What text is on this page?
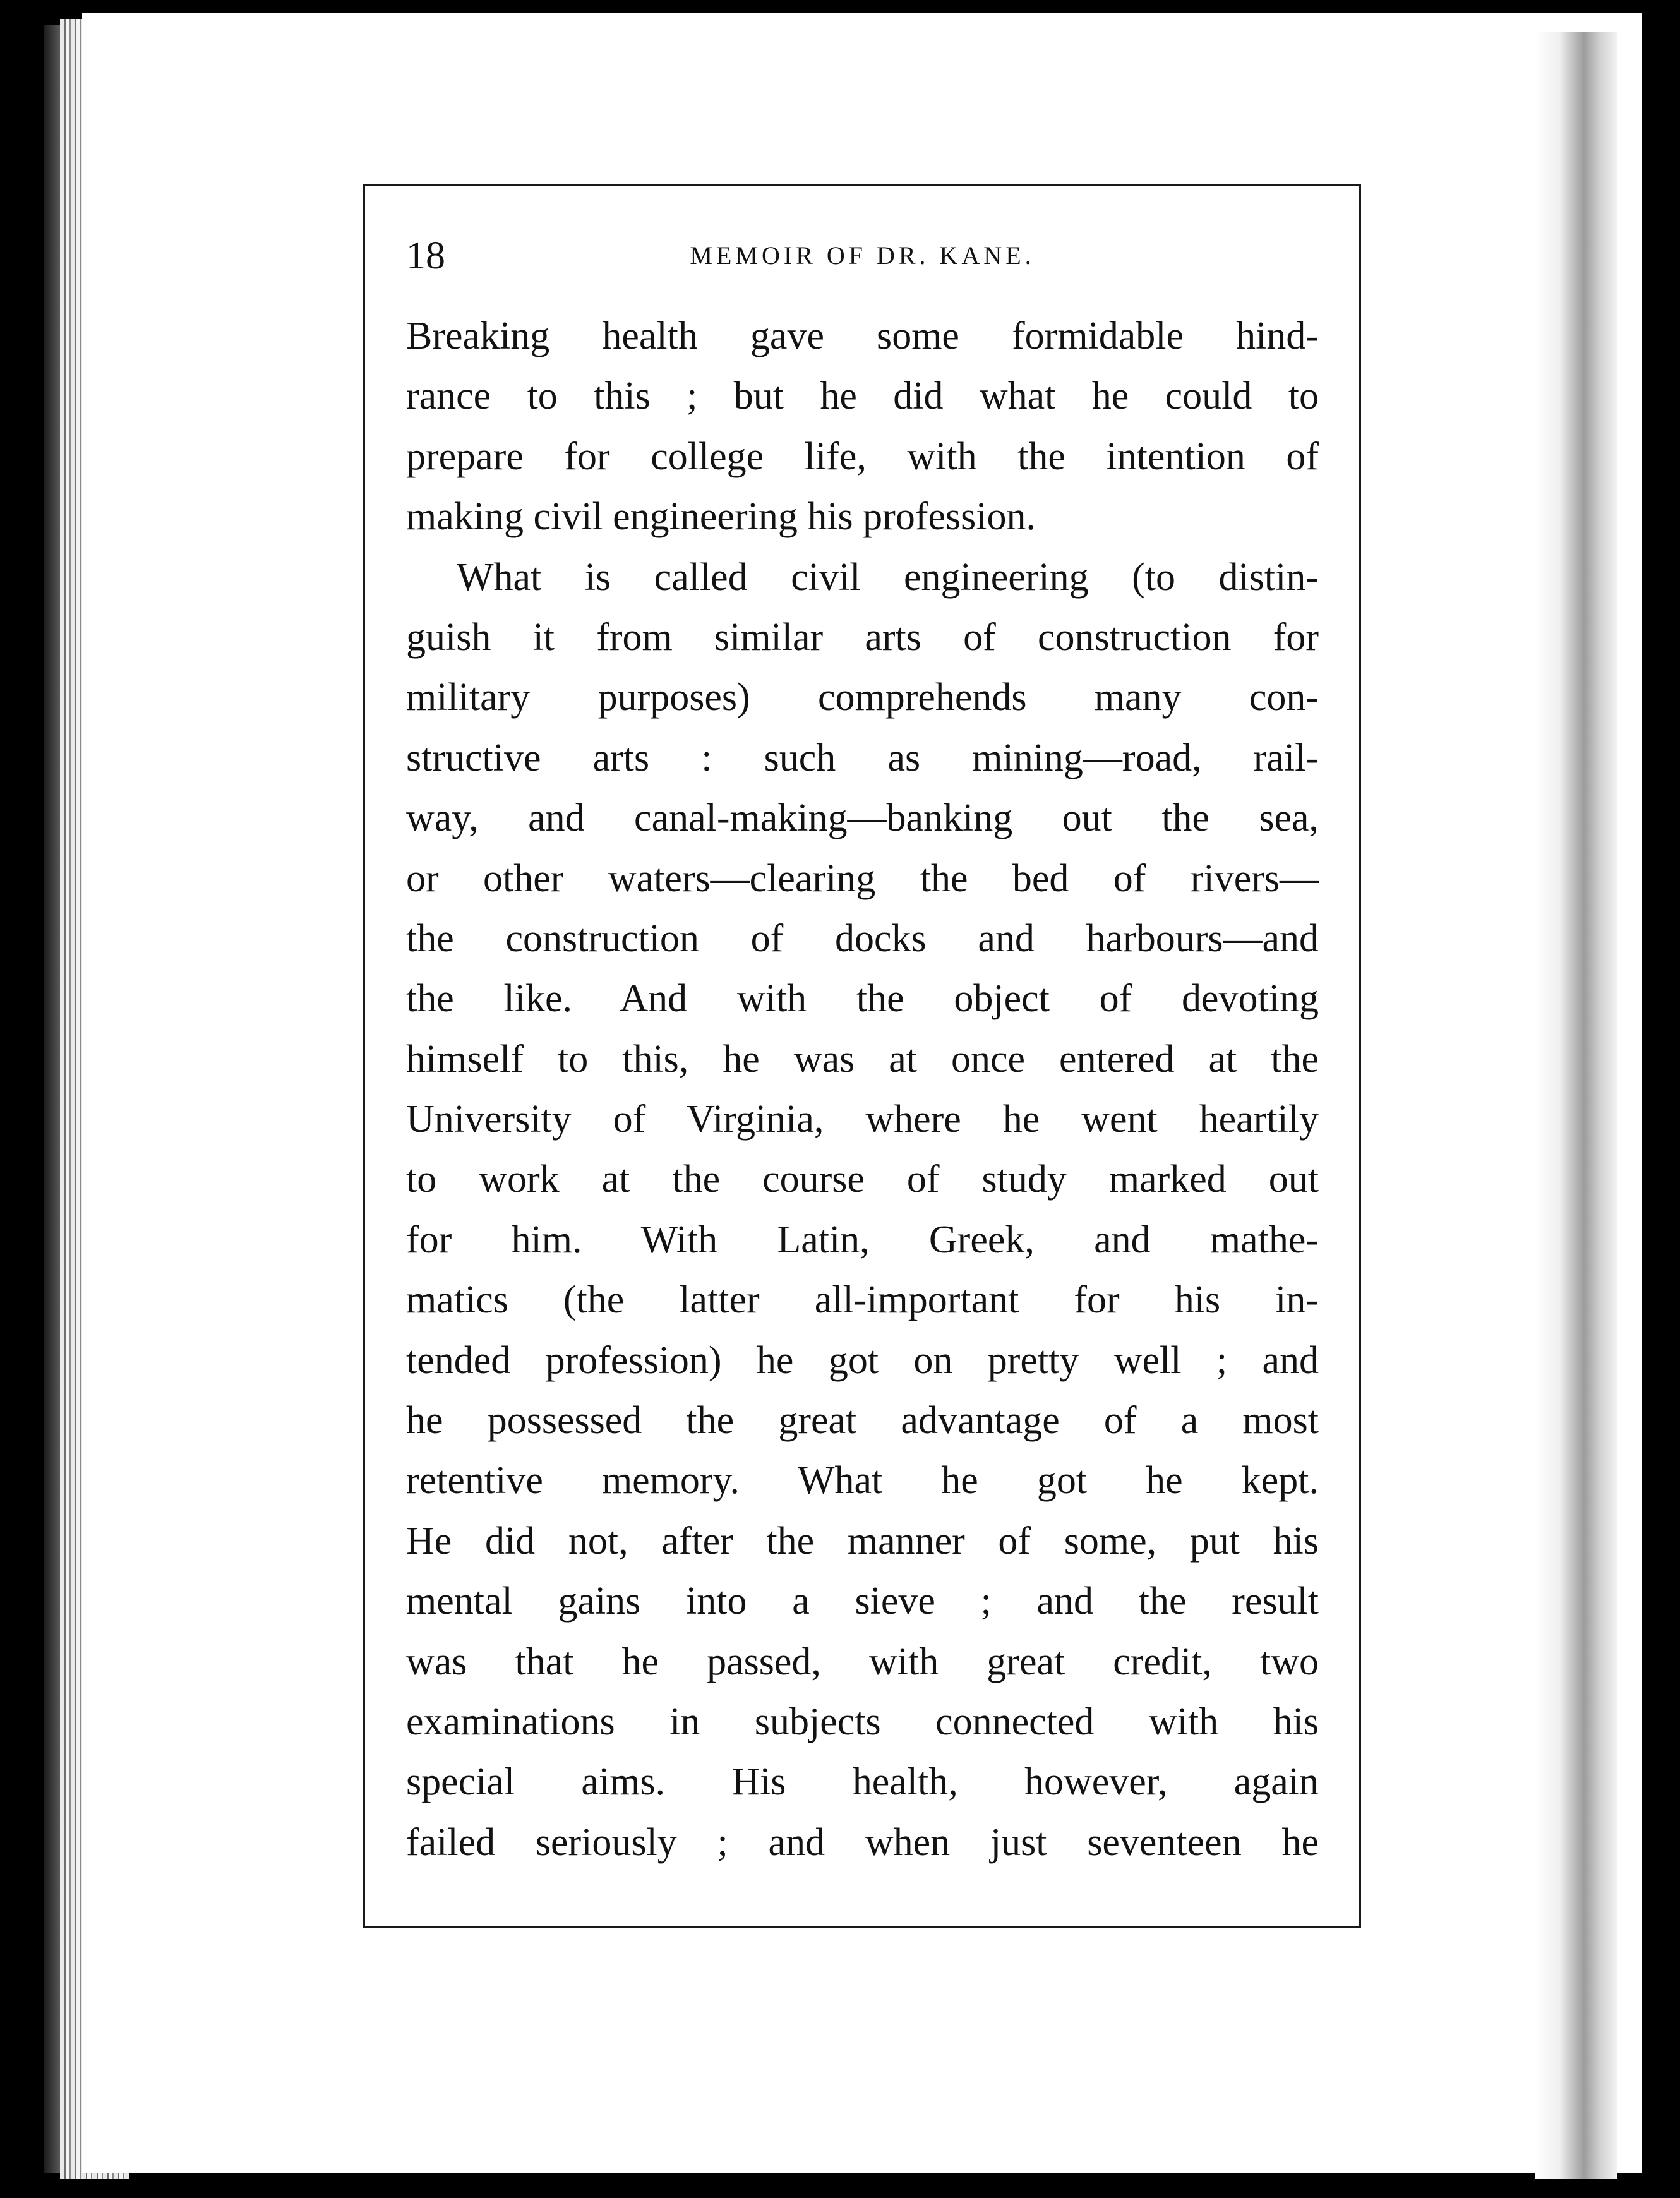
18	MEMOIR OF DR. KANE.
Breaking health gave some formidable hind-
rance to this ; but he did what he could to
prepare for college life, with the intention of
making civil engineering his profession.
What is called civil engineering (to distin-
guish it from similar arts of construction for
military purposes) comprehends many con-
structive arts : such as mining—road, rail-
way, and canal-making—banking out the sea,
or other waters—clearing the bed of rivers—
the construction of docks and harbours—and
the like. And with the object of devoting
himself to this, he was at once entered at the
University of Virginia, where he went heartily
to work at the course of study marked out
for him. With Latin, Greek, and mathe-
matics (the latter all-important for his in-
tended profession) he got on pretty well ; and
he possessed the great advantage of a most
retentive memory. What he got he kept.
He did not, after the manner of some, put his
mental gains into a sieve ; and the result
was that he passed, with great credit, two
examinations in subjects connected with his
special aims. His health, however, again
failed seriously ; and when just seventeen he
